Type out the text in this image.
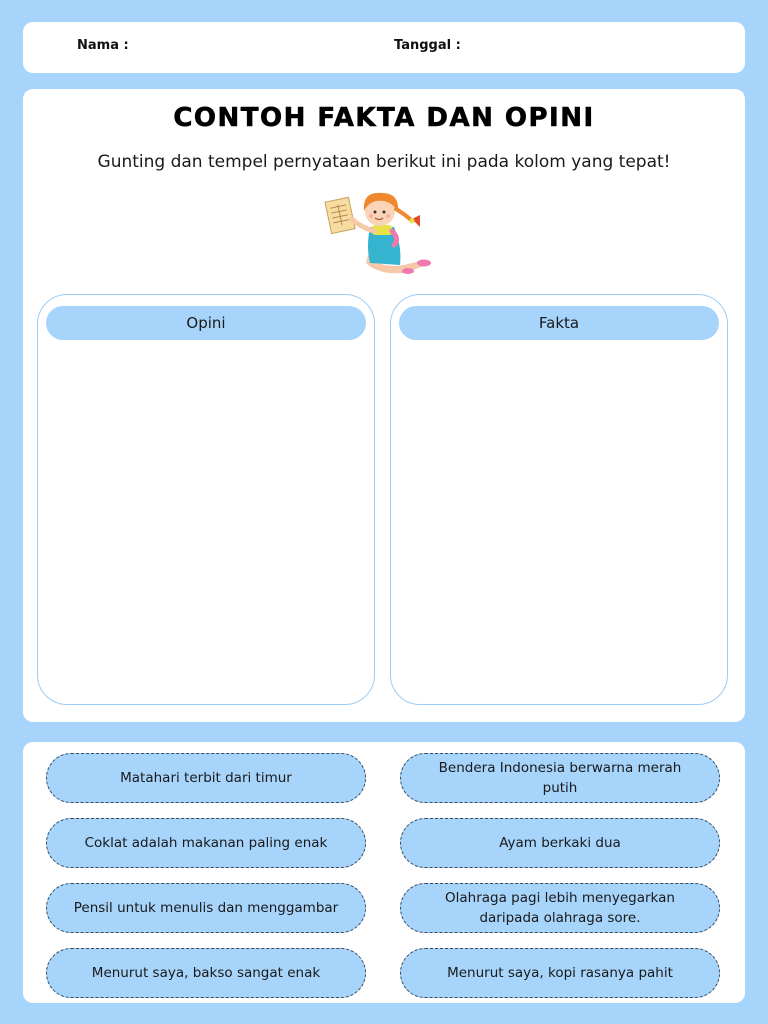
Nama :	Tanggal :
CONTOH FAKTA DAN OPINI
Gunting dan tempel pernyataan berikut ini pada kolom yang tepat!
Opini	Fakta
Matahari terbit dari timur
Bendera Indonesia berwarna merah putih
Coklat adalah makanan paling enak	Ayam berkaki dua
Pensil untuk menulis dan menggambar
Olahraga pagi lebih menyegarkan daripada olahraga sore.
Menurut saya, bakso sangat enak	Menurut saya, kopi rasanya pahit
